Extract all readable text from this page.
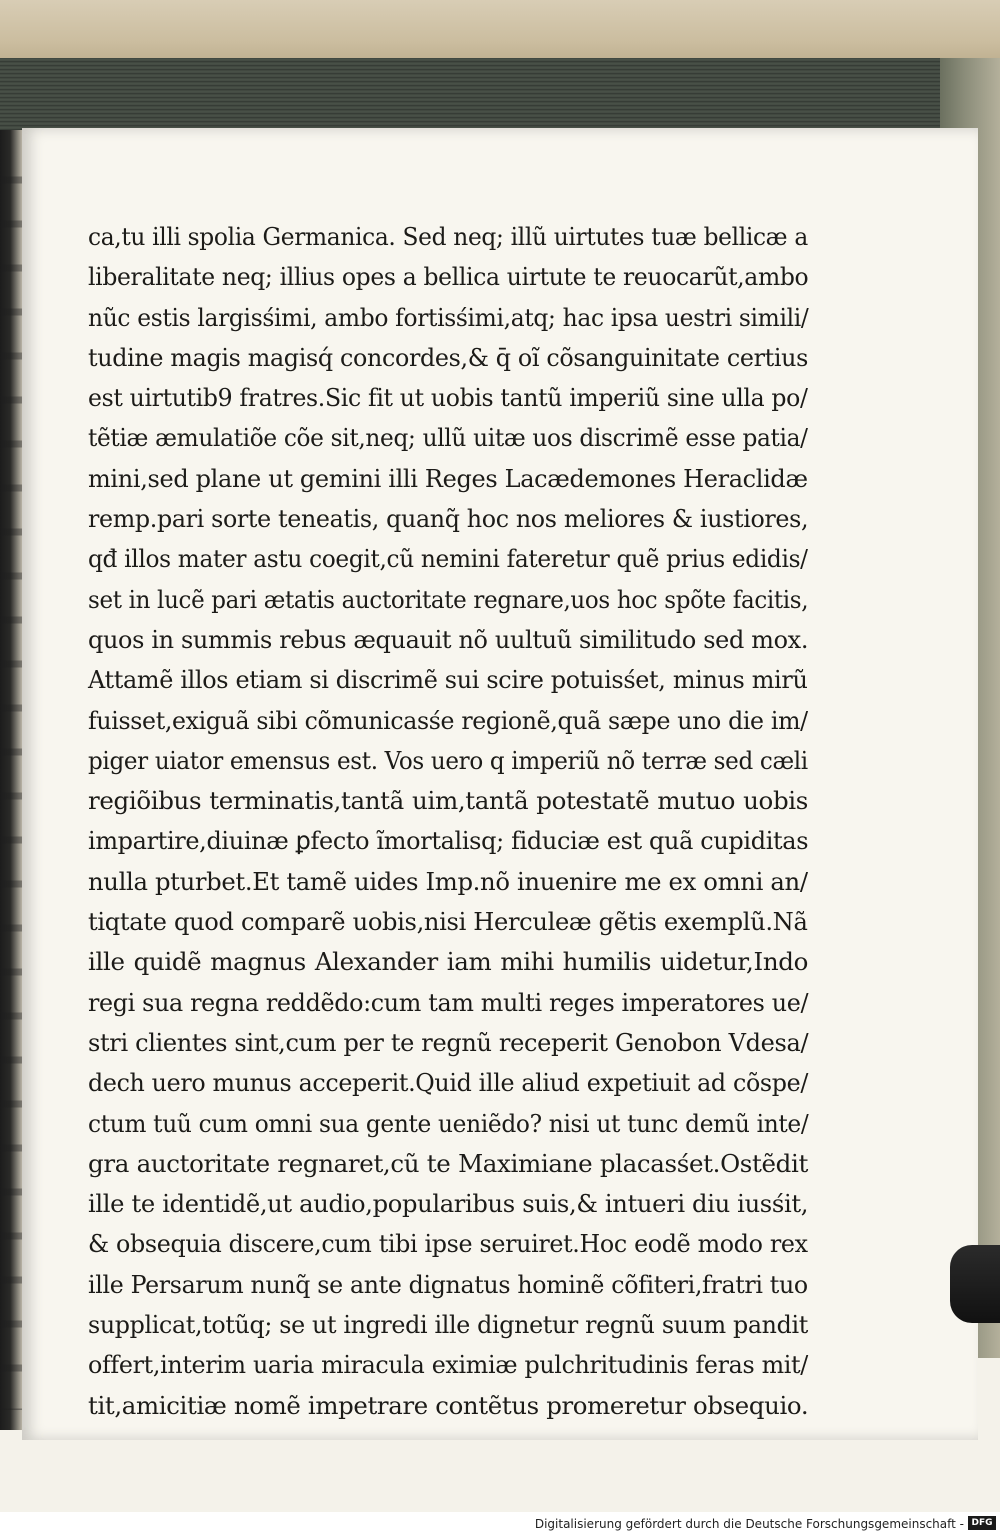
ca,tu illi spolia Germanica. Sed neq; illũ uirtutes tuæ bellicæ a
liberalitate neq; illius opes a bellica uirtute te reuocarũt,ambo
nũc estis largisśimi, ambo fortisśimi,atq; hac ipsa uestri simili/
tudine magis magisq́ concordes,& q̄ oĩ cõsanguinitate certius
est uirtutib9 fratres.Sic fit ut uobis tantũ imperiũ sine ulla po/
tẽtiæ æmulatiõe cõe sit,neq; ullũ uitæ uos discrimẽ esse patia/
mini,sed plane ut gemini illi Reges Lacædemones Heraclidæ
remp.pari sorte teneatis, quanq̃ hoc nos meliores & iustiores,
qđ illos mater astu coegit,cũ nemini fateretur quẽ prius edidis/
set in lucẽ pari ætatis auctoritate regnare,uos hoc spõte facitis,
quos in summis rebus æquauit nõ uultuũ similitudo sed mox.
Attamẽ illos etiam si discrimẽ sui scire potuisśet, minus mirũ
fuisset,exiguã sibi cõmunicasśe regionẽ,quã sæpe uno die im/
piger uiator emensus est. Vos uero q imperiũ nõ terræ sed cæli
regiõibus terminatis,tantã uim,tantã potestatẽ mutuo uobis
impartire,diuinæ ꝑfecto ĩmortalisq; fiduciæ est quã cupiditas
nulla pturbet.Et tamẽ uides Imp.nõ inuenire me ex omni an/
tiqtate quod comparẽ uobis,nisi Herculeæ gẽtis exemplũ.Nã
ille quidẽ magnus Alexander iam mihi humilis uidetur,Indo
regi sua regna reddẽdo:cum tam multi reges imperatores ue/
stri clientes sint,cum per te regnũ receperit Genobon Vdesa/
dech uero munus acceperit.Quid ille aliud expetiuit ad cõspe/
ctum tuũ cum omni sua gente ueniẽdo? nisi ut tunc demũ inte/
gra auctoritate regnaret,cũ te Maximiane placasśet.Ostẽdit
ille te identidẽ,ut audio,popularibus suis,& intueri diu iusśit,
& obsequia discere,cum tibi ipse seruiret.Hoc eodẽ modo rex
ille Persarum nunq̃ se ante dignatus hominẽ cõfiteri,fratri tuo
supplicat,totũq; se ut ingredi ille dignetur regnũ suum pandit
offert,interim uaria miracula eximiæ pulchritudinis feras mit/
tit,amicitiæ nomẽ impetrare contẽtus promeretur obsequio.
Digitalisierung gefördert durch die Deutsche Forschungsgemeinschaft - DFG
